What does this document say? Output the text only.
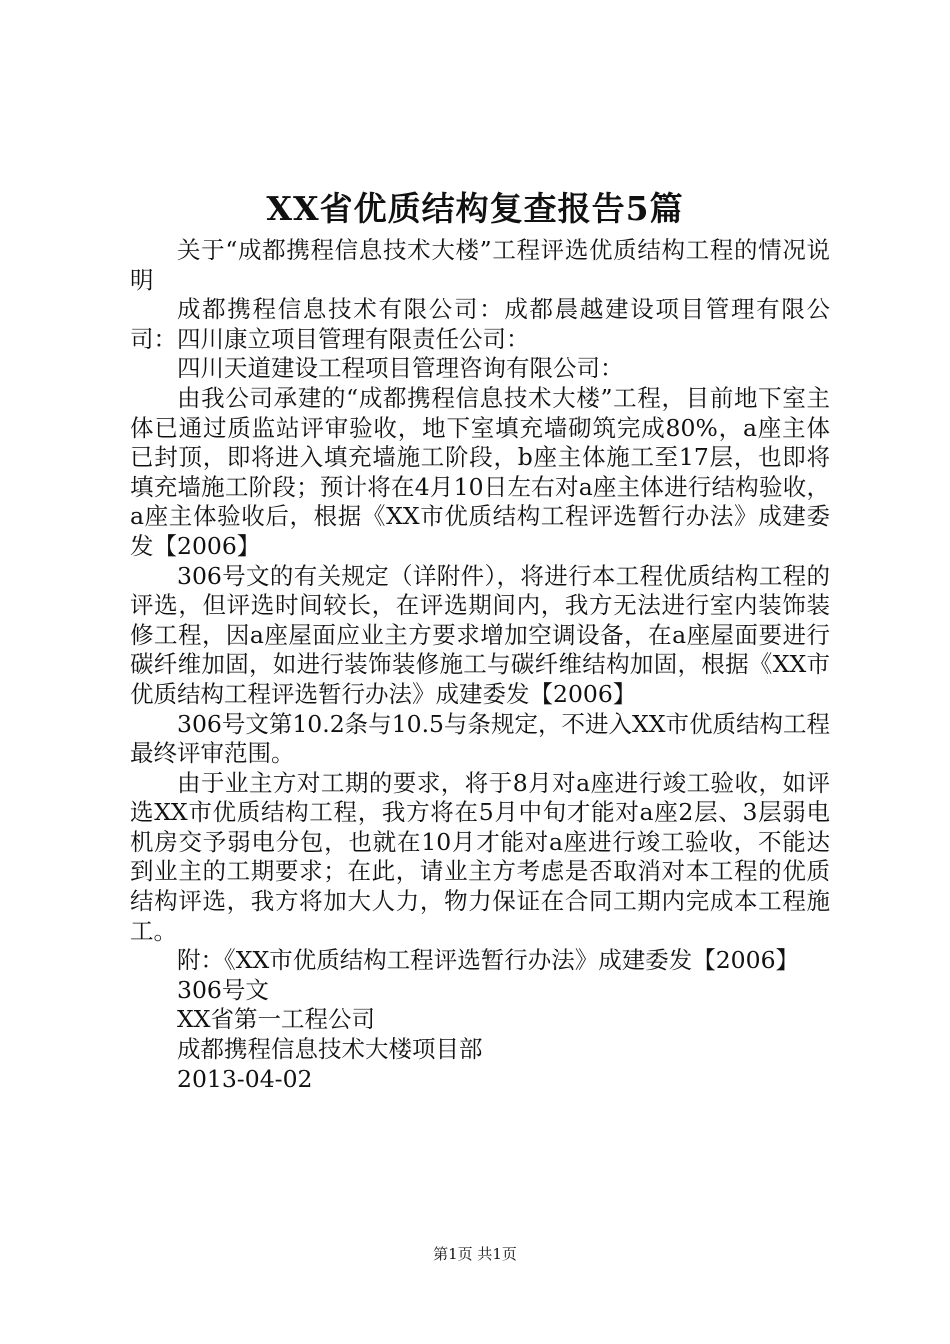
XX省优质结构复查报告5篇

关于“成都携程信息技术大楼”工程评选优质结构工程的情况说明

成都携程信息技术有限公司：成都晨越建设项目管理有限公司：四川康立项目管理有限责任公司：

四川天道建设工程项目管理咨询有限公司：

由我公司承建的“成都携程信息技术大楼”工程，目前地下室主体已通过质监站评审验收，地下室填充墙砌筑完成80%，a座主体已封顶，即将进入填充墙施工阶段，b座主体施工至17层，也即将填充墙施工阶段；预计将在4月10日左右对a座主体进行结构验收，a座主体验收后，根据《XX市优质结构工程评选暂行办法》成建委发【2006】

306号文的有关规定（详附件），将进行本工程优质结构工程的评选，但评选时间较长，在评选期间内，我方无法进行室内装饰装修工程，因a座屋面应业主方要求增加空调设备，在a座屋面要进行碳纤维加固，如进行装饰装修施工与碳纤维结构加固，根据《XX市优质结构工程评选暂行办法》成建委发【2006】

306号文第10.2条与10.5与条规定，不进入XX市优质结构工程最终评审范围。

由于业主方对工期的要求，将于8月对a座进行竣工验收，如评选XX市优质结构工程，我方将在5月中旬才能对a座2层、3层弱电机房交予弱电分包，也就在10月才能对a座进行竣工验收，不能达到业主的工期要求；在此，请业主方考虑是否取消对本工程的优质结构评选，我方将加大人力，物力保证在合同工期内完成本工程施工。

附：《XX市优质结构工程评选暂行办法》成建委发【2006】

306号文

XX省第一工程公司

成都携程信息技术大楼项目部

2013-04-02

第1页 共1页
